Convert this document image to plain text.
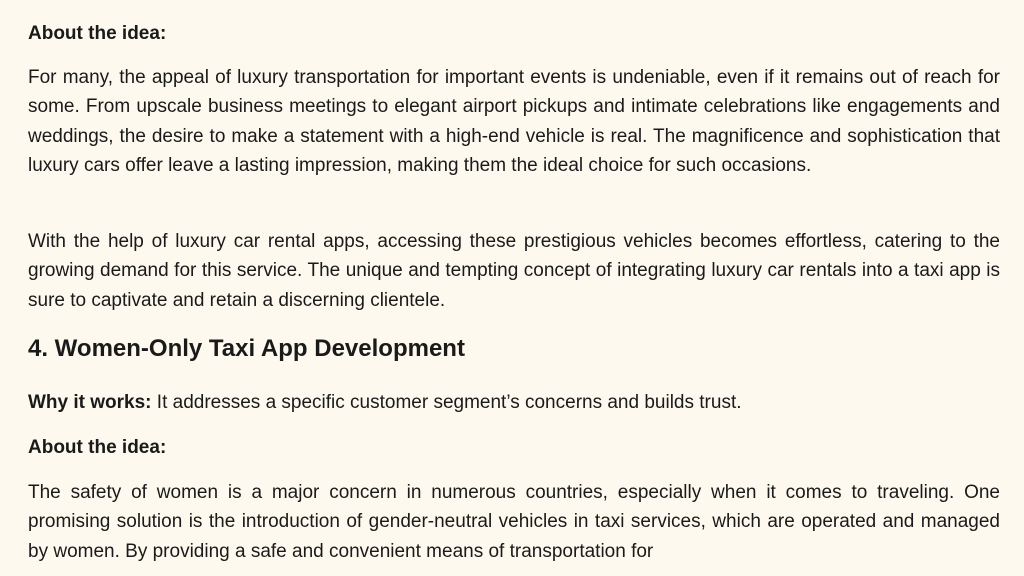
About the idea:

For many, the appeal of luxury transportation for important events is undeniable, even if it remains out of reach for some. From upscale business meetings to elegant airport pickups and intimate celebrations like engagements and weddings, the desire to make a statement with a high-end vehicle is real. The magnificence and sophistication that luxury cars offer leave a lasting impression, making them the ideal choice for such occasions.

With the help of luxury car rental apps, accessing these prestigious vehicles becomes effortless, catering to the growing demand for this service. The unique and tempting concept of integrating luxury car rentals into a taxi app is sure to captivate and retain a discerning clientele.

4. Women-Only Taxi App Development

Why it works: It addresses a specific customer segment’s concerns and builds trust.

About the idea:

The safety of women is a major concern in numerous countries, especially when it comes to traveling. One promising solution is the introduction of gender-neutral vehicles in taxi services, which are operated and managed by women. By providing a safe and convenient means of transportation for
